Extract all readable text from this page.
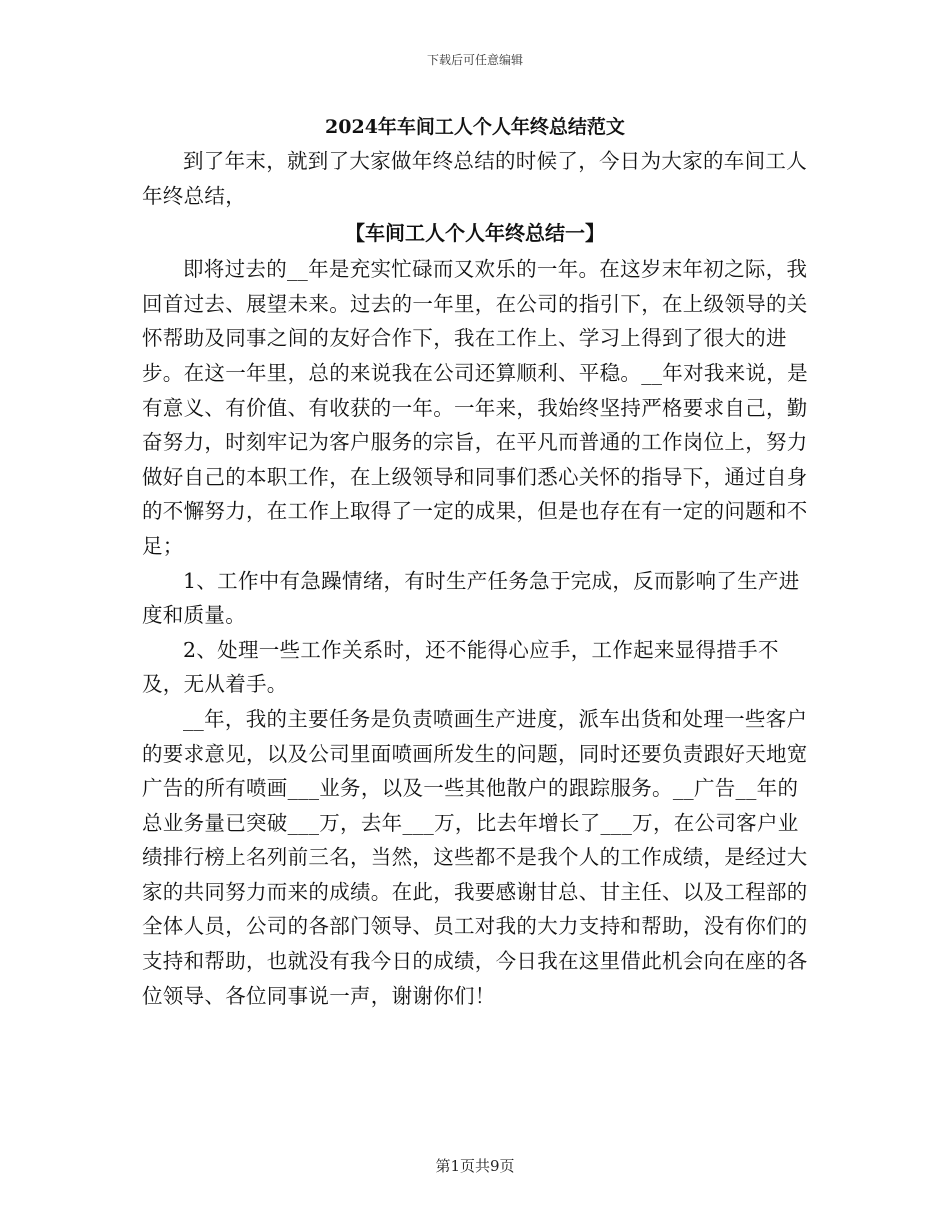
下载后可任意编辑
2024年车间工人个人年终总结范文

到了年末，就到了大家做年终总结的时候了，今日为大家的车间工人年终总结，

【车间工人个人年终总结一】

即将过去的__年是充实忙碌而又欢乐的一年。在这岁末年初之际，我回首过去、展望未来。过去的一年里，在公司的指引下，在上级领导的关怀帮助及同事之间的友好合作下，我在工作上、学习上得到了很大的进步。在这一年里，总的来说我在公司还算顺利、平稳。__年对我来说，是有意义、有价值、有收获的一年。一年来，我始终坚持严格要求自己，勤奋努力，时刻牢记为客户服务的宗旨，在平凡而普通的工作岗位上，努力做好自己的本职工作，在上级领导和同事们悉心关怀的指导下，通过自身的不懈努力，在工作上取得了一定的成果，但是也存在有一定的问题和不足；

1、工作中有急躁情绪，有时生产任务急于完成，反而影响了生产进度和质量。

2、处理一些工作关系时，还不能得心应手，工作起来显得措手不及，无从着手。

__年，我的主要任务是负责喷画生产进度，派车出货和处理一些客户的要求意见，以及公司里面喷画所发生的问题，同时还要负责跟好天地宽广告的所有喷画___业务，以及一些其他散户的跟踪服务。__广告__年的总业务量已突破___万，去年___万，比去年增长了___万，在公司客户业绩排行榜上名列前三名，当然，这些都不是我个人的工作成绩，是经过大家的共同努力而来的成绩。在此，我要感谢甘总、甘主任、以及工程部的全体人员，公司的各部门领导、员工对我的大力支持和帮助，没有你们的支持和帮助，也就没有我今日的成绩，今日我在这里借此机会向在座的各位领导、各位同事说一声，谢谢你们！

第1页共9页
